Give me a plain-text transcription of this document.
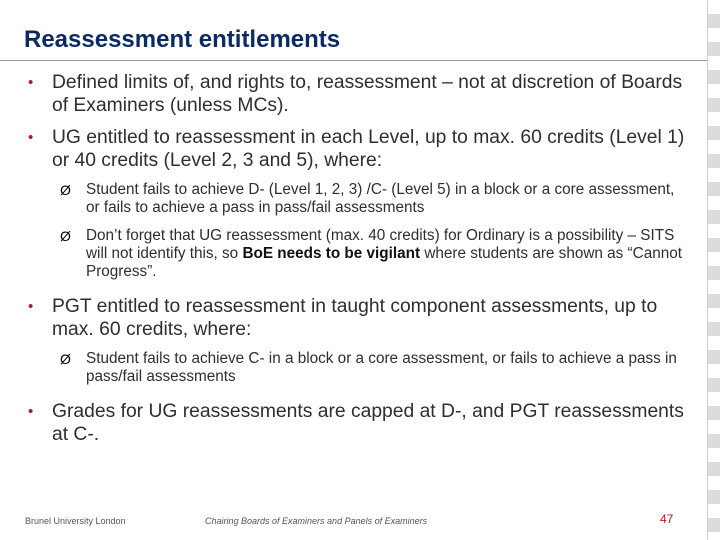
Reassessment entitlements
• Defined limits of, and rights to, reassessment – not at discretion of Boards of Examiners (unless MCs).
• UG entitled to reassessment in each Level, up to max. 60 credits (Level 1) or 40 credits (Level 2, 3 and 5), where:
Ø Student fails to achieve D- (Level 1, 2, 3) /C- (Level 5) in a block or a core assessment, or fails to achieve a pass in pass/fail assessments
Ø Don’t forget that UG reassessment (max. 40 credits) for Ordinary is a possibility – SITS will not identify this, so BoE needs to be vigilant where students are shown as “Cannot Progress”.
• PGT entitled to reassessment in taught component assessments, up to max. 60 credits, where:
Ø Student fails to achieve C- in a block or a core assessment, or fails to achieve a pass in pass/fail assessments
• Grades for UG reassessments are capped at D-, and PGT reassessments at C-.
Brunel University London	Chairing Boards of Examiners and Panels of Examiners	47
